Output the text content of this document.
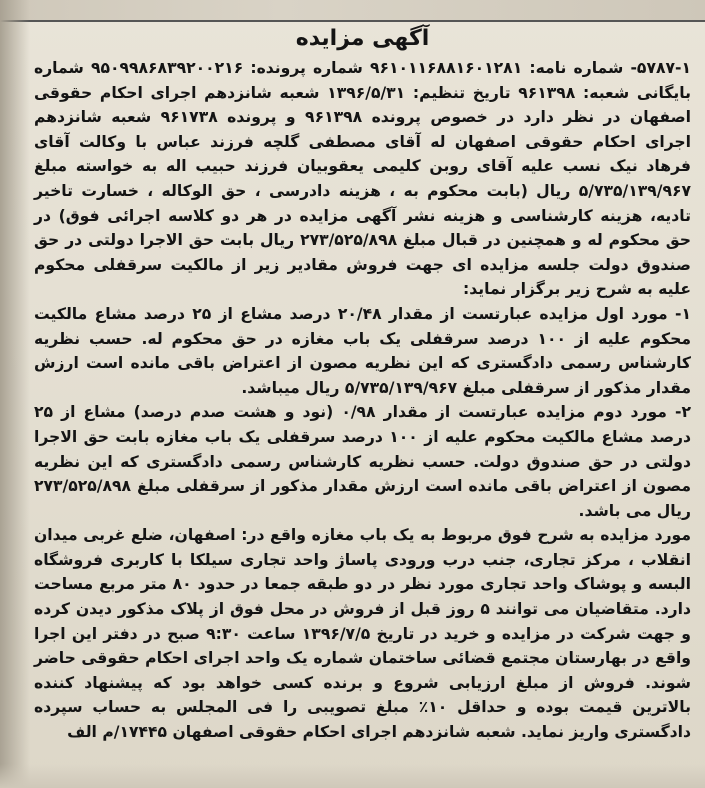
آگهی مزایده

۵۷۸۷-۱- شماره نامه: ۹۶۱۰۱۱۶۸۸۱۶۰۱۲۸۱ شماره پرونده: ۹۵۰۹۹۸۶۸۳۹۲۰۰۲۱۶ شماره بایگانی شعبه: ۹۶۱۳۹۸ تاریخ تنظیم: ۱۳۹۶/۵/۳۱ شعبه شانزدهم اجرای احکام حقوقی اصفهان در نظر دارد در خصوص پرونده ۹۶۱۳۹۸ و پرونده ۹۶۱۷۳۸ شعبه شانزدهم اجرای احکام حقوقی اصفهان له آقای مصطفی گلچه فرزند عباس با وکالت آقای فرهاد نیک نسب علیه آقای روبن کلیمی یعقوبیان فرزند حبیب اله به خواسته مبلغ ۵/۷۳۵/۱۳۹/۹۶۷ ریال (بابت محکوم به ، هزینه دادرسی ، حق الوکاله ، خسارت تاخیر تادیه، هزینه کارشناسی و هزینه نشر آگهی مزایده در هر دو کلاسه اجرائی فوق) در حق محکوم له و همچنین در قبال مبلغ ۲۷۳/۵۲۵/۸۹۸ ریال بابت حق الاجرا دولتی در حق صندوق دولت جلسه مزایده ای جهت فروش مقادیر زیر از مالکیت سرقفلی محکوم علیه به شرح زیر برگزار نماید:

۱- مورد اول مزایده عبارتست از مقدار ۲۰/۴۸ درصد مشاع از ۲۵ درصد مشاع مالکیت محکوم علیه از ۱۰۰ درصد سرقفلی یک باب مغازه در حق محکوم له. حسب نظریه کارشناس رسمی دادگستری که این نظریه مصون از اعتراض باقی مانده است ارزش مقدار مذکور از سرقفلی مبلغ ۵/۷۳۵/۱۳۹/۹۶۷ ریال میباشد.

۲- مورد دوم مزایده عبارتست از مقدار ۰/۹۸ (نود و هشت صدم درصد) مشاع از ۲۵ درصد مشاع مالکیت محکوم علیه از ۱۰۰ درصد سرقفلی یک باب مغازه بابت حق الاجرا دولتی در حق صندوق دولت. حسب نظریه کارشناس رسمی دادگستری که این نظریه مصون از اعتراض باقی مانده است ارزش مقدار مذکور از سرقفلی مبلغ ۲۷۳/۵۲۵/۸۹۸ ریال می باشد.

مورد مزایده به شرح فوق مربوط به یک باب مغازه واقع در: اصفهان، ضلع غربی میدان انقلاب ، مرکز تجاری، جنب درب ورودی پاساژ واحد تجاری سیلکا با کاربری فروشگاه البسه و پوشاک واحد تجاری مورد نظر در دو طبقه جمعا در حدود ۸۰ متر مربع مساحت دارد. متقاضیان می توانند ۵ روز قبل از فروش در محل فوق از پلاک مذکور دیدن کرده و جهت شرکت در مزایده و خرید در تاریخ ۱۳۹۶/۷/۵ ساعت ۹:۳۰ صبح در دفتر این اجرا واقع در بهارستان مجتمع قضائی ساختمان شماره یک واحد اجرای احکام حقوقی حاضر شوند. فروش از مبلغ ارزیابی شروع و برنده کسی خواهد بود که پیشنهاد کننده بالاترین قیمت بوده و حداقل ۱۰٪ مبلغ تصویبی را فی المجلس به حساب سپرده دادگستری واریز نماید. شعبه شانزدهم اجرای احکام حقوقی اصفهان ۱۷۴۴۵/م الف
